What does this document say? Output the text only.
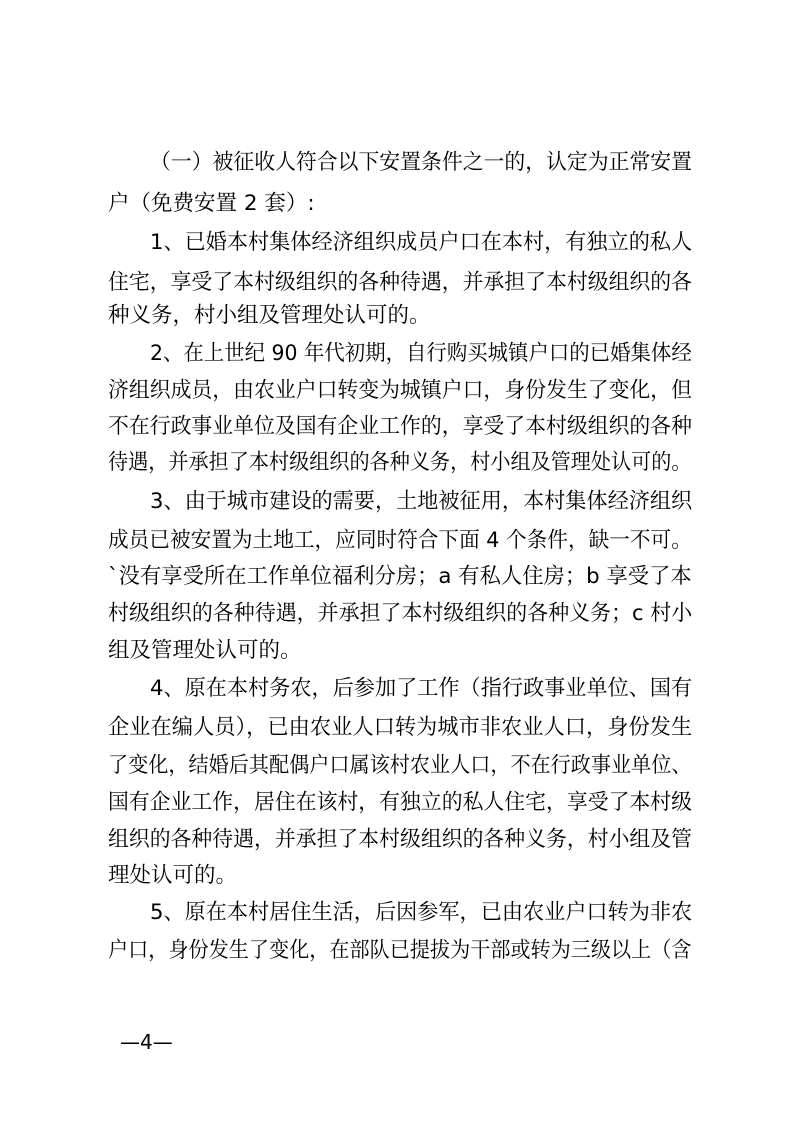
（一）被征收人符合以下安置条件之一的，认定为正常安置
户（免费安置 2 套）:
1、已婚本村集体经济组织成员户口在本村，有独立的私人
住宅，享受了本村级组织的各种待遇，并承担了本村级组织的各
种义务，村小组及管理处认可的。
2、在上世纪 90 年代初期，自行购买城镇户口的已婚集体经
济组织成员，由农业户口转变为城镇户口，身份发生了变化，但
不在行政事业单位及国有企业工作的，享受了本村级组织的各种
待遇，并承担了本村级组织的各种义务，村小组及管理处认可的。
3、由于城市建设的需要，土地被征用，本村集体经济组织
成员已被安置为土地工，应同时符合下面 4 个条件，缺一不可。
`没有享受所在工作单位福利分房；a 有私人住房；b 享受了本
村级组织的各种待遇，并承担了本村级组织的各种义务；c 村小
组及管理处认可的。
4、原在本村务农，后参加了工作（指行政事业单位、国有
企业在编人员），已由农业人口转为城市非农业人口，身份发生
了变化，结婚后其配偶户口属该村农业人口，不在行政事业单位、
国有企业工作，居住在该村，有独立的私人住宅，享受了本村级
组织的各种待遇，并承担了本村级组织的各种义务，村小组及管
理处认可的。
5、原在本村居住生活，后因参军，已由农业户口转为非农
户口，身份发生了变化，在部队已提拔为干部或转为三级以上（含
—4—
